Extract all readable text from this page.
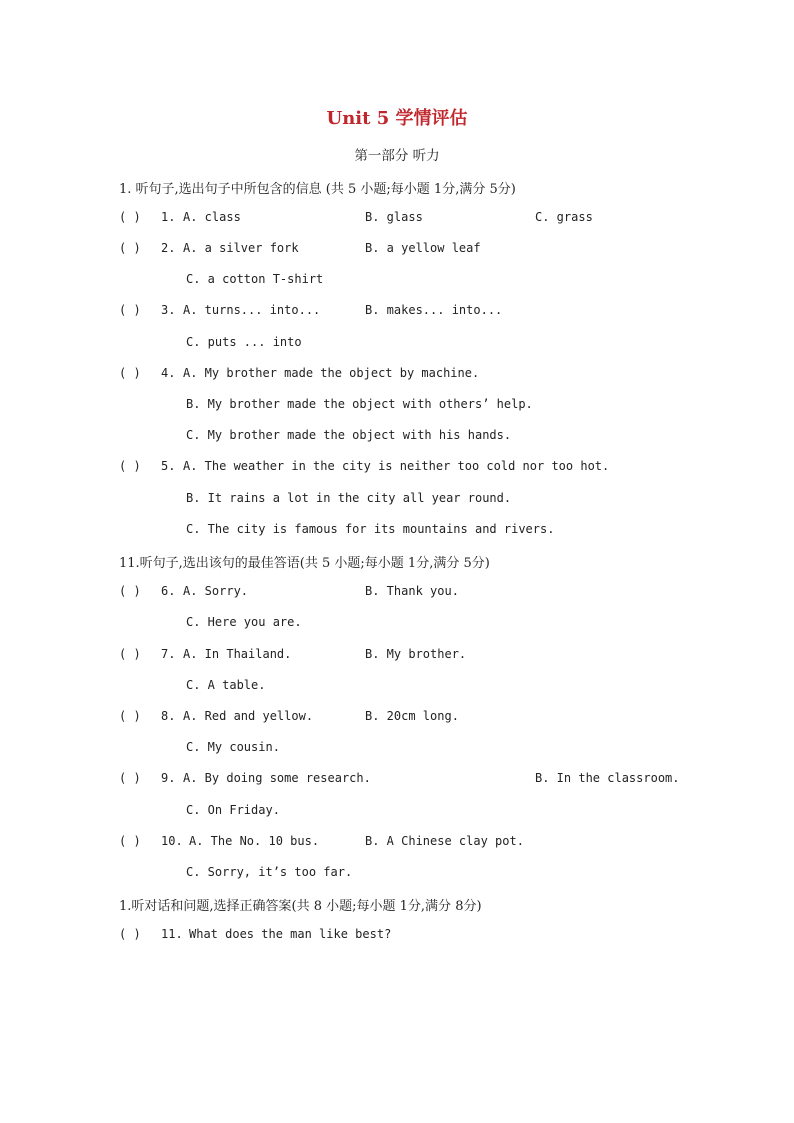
Unit 5 学情评估
第一部分 听力
1. 听句子,选出句子中所包含的信息 (共 5 小题;每小题 1分,满分 5分)
( ) 1. A. class	B. glass	C. grass
( ) 2. A. a silver fork	B. a yellow leaf
C. a cotton T-shirt
( ) 3. A. turns... into...	B. makes... into...
C. puts ... into
( ) 4. A. My brother made the object by machine.
B. My brother made the object with others’ help.
C. My brother made the object with his hands.
( ) 5. A. The weather in the city is neither too cold nor too hot.
B. It rains a lot in the city all year round.
C. The city is famous for its mountains and rivers.
11.听句子,选出该句的最佳答语(共 5 小题;每小题 1分,满分 5分)
( ) 6. A. Sorry.	B. Thank you.
C. Here you are.
( ) 7. A. In Thailand.	B. My brother.
C. A table.
( ) 8. A. Red and yellow.	B. 20cm long.
C. My cousin.
( ) 9. A. By doing some research.	B. In the classroom.
C. On Friday.
( ) 10. A. The No. 10 bus.	B. A Chinese clay pot.
C. Sorry, it’s too far.
1.听对话和问题,选择正确答案(共 8 小题;每小题 1分,满分 8分)
( ) 11. What does the man like best?
